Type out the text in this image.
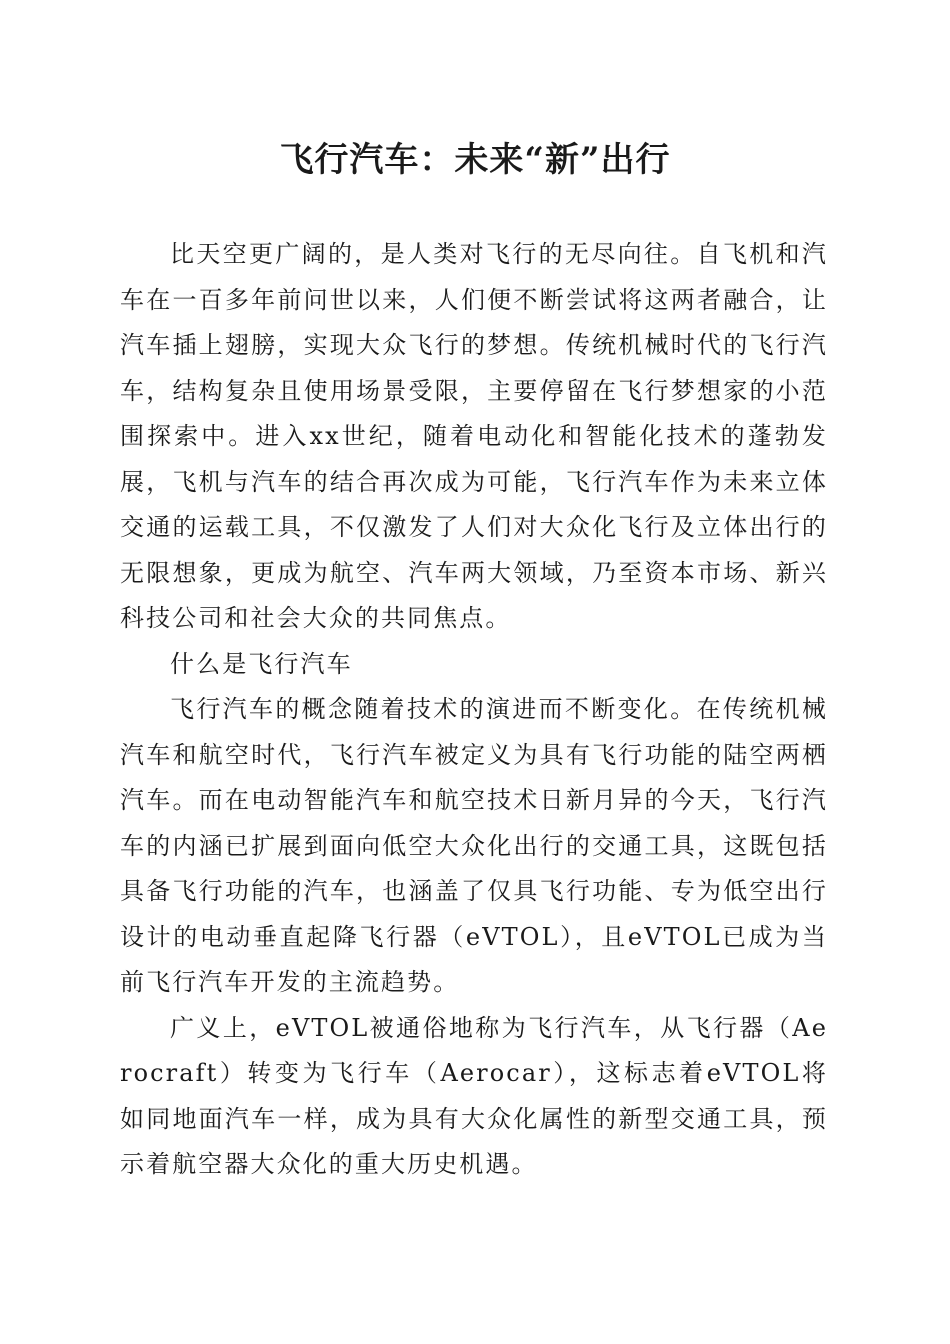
飞行汽车：未来“新”出行

比天空更广阔的，是人类对飞行的无尽向往。自飞机和汽车在一百多年前问世以来，人们便不断尝试将这两者融合，让汽车插上翅膀，实现大众飞行的梦想。传统机械时代的飞行汽车，结构复杂且使用场景受限，主要停留在飞行梦想家的小范围探索中。进入xx世纪，随着电动化和智能化技术的蓬勃发展，飞机与汽车的结合再次成为可能，飞行汽车作为未来立体交通的运载工具，不仅激发了人们对大众化飞行及立体出行的无限想象，更成为航空、汽车两大领域，乃至资本市场、新兴科技公司和社会大众的共同焦点。

什么是飞行汽车

飞行汽车的概念随着技术的演进而不断变化。在传统机械汽车和航空时代，飞行汽车被定义为具有飞行功能的陆空两栖汽车。而在电动智能汽车和航空技术日新月异的今天，飞行汽车的内涵已扩展到面向低空大众化出行的交通工具，这既包括具备飞行功能的汽车，也涵盖了仅具飞行功能、专为低空出行设计的电动垂直起降飞行器（eVTOL），且eVTOL已成为当前飞行汽车开发的主流趋势。

广义上，eVTOL被通俗地称为飞行汽车，从飞行器（Aerocraft）转变为飞行车（Aerocar），这标志着eVTOL将如同地面汽车一样，成为具有大众化属性的新型交通工具，预示着航空器大众化的重大历史机遇。
